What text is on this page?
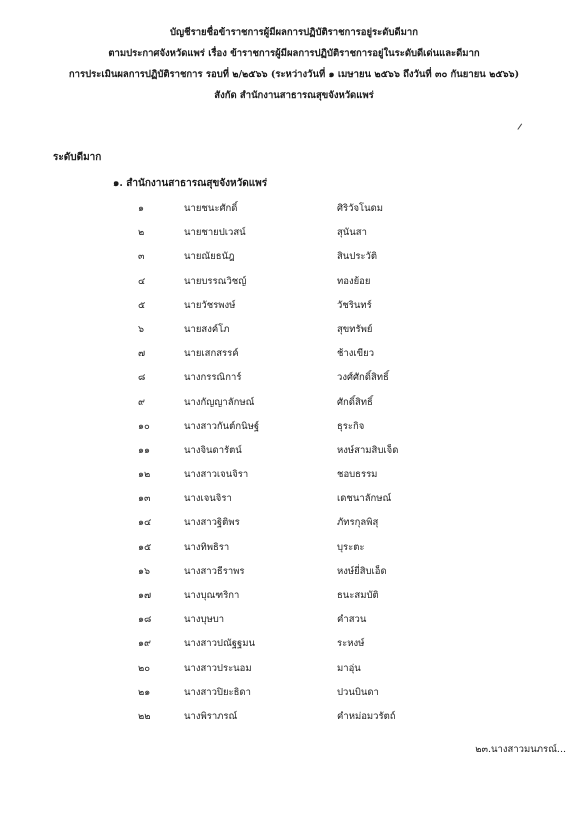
บัญชีรายชื่อข้าราชการผู้มีผลการปฏิบัติราชการอยู่ระดับดีมาก
ตามประกาศจังหวัดแพร่ เรื่อง ข้าราชการผู้มีผลการปฏิบัติราชการอยู่ในระดับดีเด่นและดีมาก
การประเมินผลการปฏิบัติราชการ รอบที่ ๒/๒๕๖๖ (ระหว่างวันที่ ๑ เมษายน ๒๕๖๖ ถึงวันที่ ๓๐ กันยายน ๒๕๖๖)
สังกัด สำนักงานสาธารณสุขจังหวัดแพร่
ระดับดีมาก
๑. สำนักงานสาธารณสุขจังหวัดแพร่
๑	นายชนะศักดิ์	ศิริวัจโนดม
๒	นายชายปเวสน์	สุนันสา
๓	นายณัยธนัฎ	สินประวัติ
๔	นายบรรณวิชญ์	ทองย้อย
๕	นายวัชรพงษ์	วัชรินทร์
๖	นายสงค์โภ	สุขทรัพย์
๗	นายเสกสรรค์	ช้างเขียว
๘	นางกรรณิการ์	วงศ์ศักดิ์สิทธิ์
๙	นางกัญญาลักษณ์	ศักดิ์สิทธิ์
๑๐	นางสาวกันต์กนิษฐ์	ธุระกิจ
๑๑	นางจินดารัตน์	หงษ์สามสิบเจ็ด
๑๒	นางสาวเจนจิรา	ชอบธรรม
๑๓	นางเจนจิรา	เดชนาลักษณ์
๑๔	นางสาวฐิติพร	ภัทรกุลพิสุ
๑๕	นางทิพธิรา	บุระตะ
๑๖	นางสาวธีราพร	หงษ์ยี่สิบเอ็ด
๑๗	นางบุณฑริกา	ธนะสมบัติ
๑๘	นางบุษบา	คำสวน
๑๙	นางสาวปณัฐฐมน	ระหงษ์
๒๐	นางสาวประนอม	มาอุ่น
๒๑	นางสาวปิยะธิดา	ปวนบินดา
๒๒	นางพิราภรณ์	คำหม่อมวรัตถ์
๒๓.นางสาวมนภรณ์...
